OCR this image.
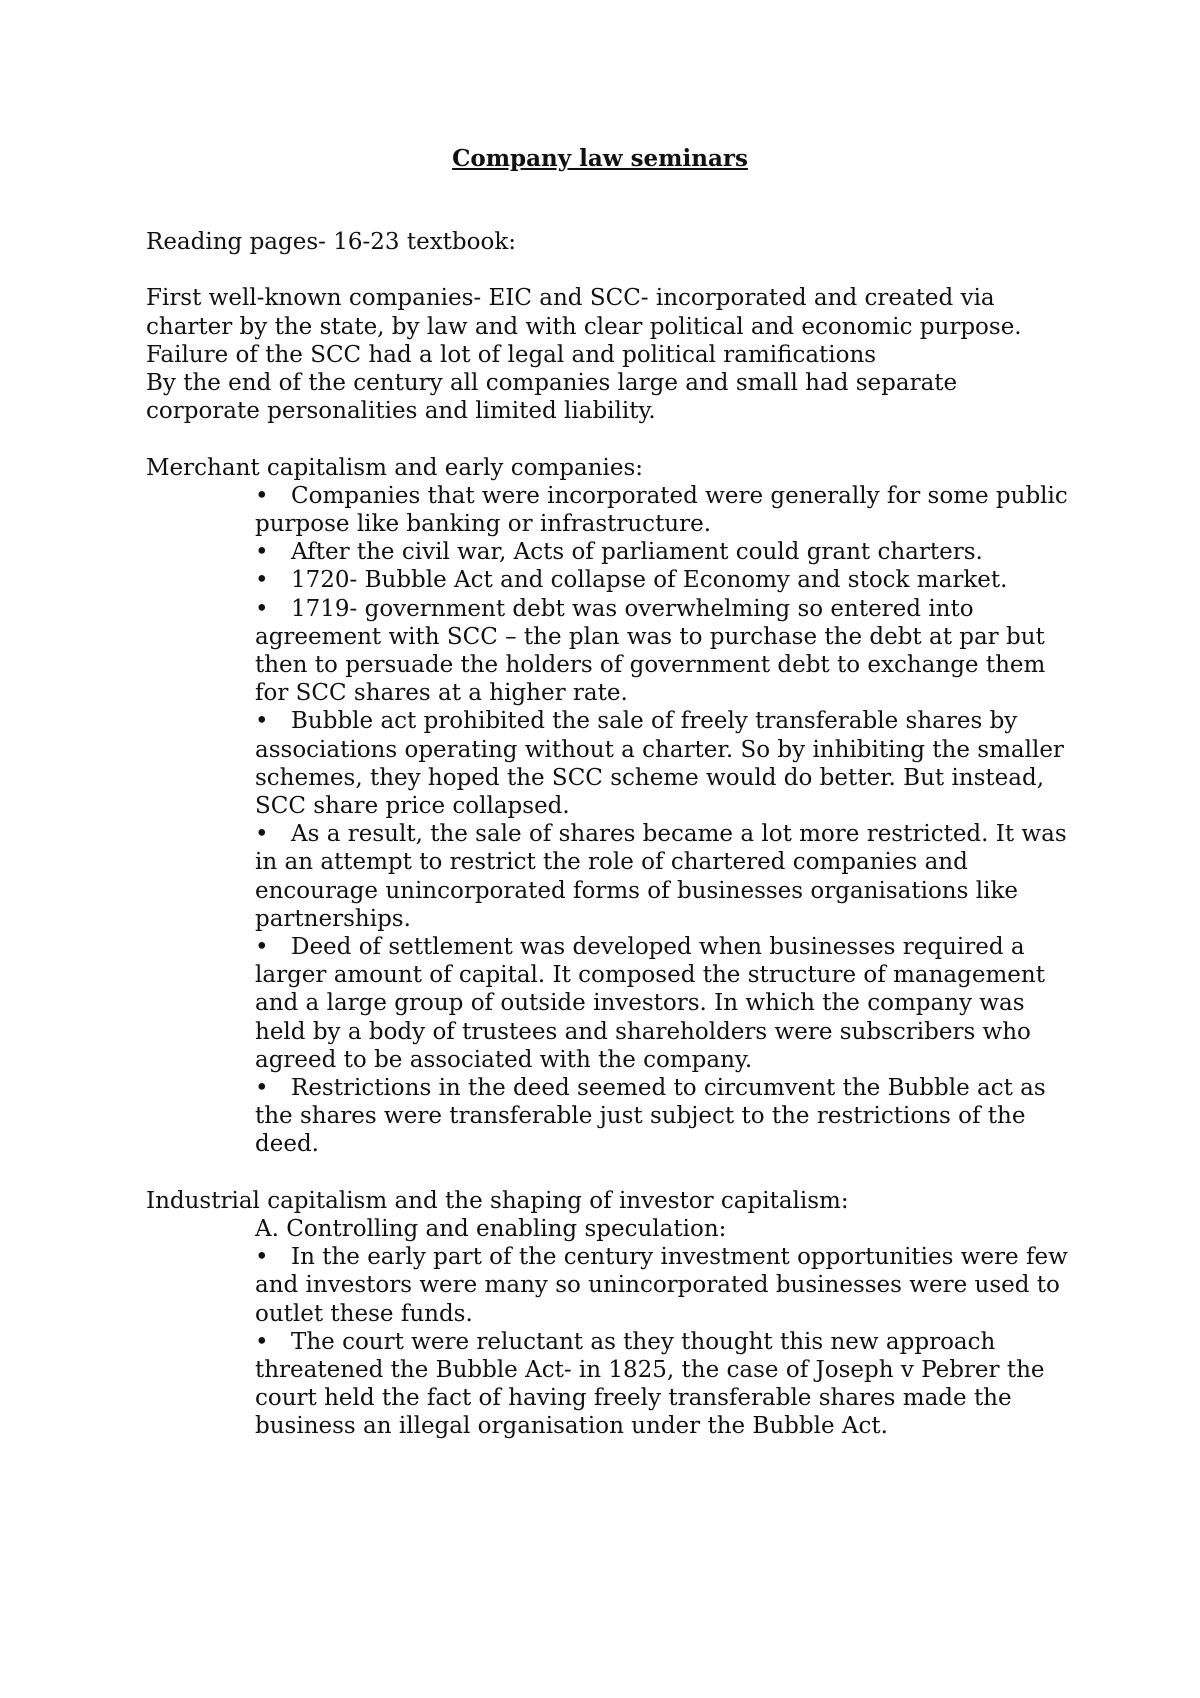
Company law seminars

Reading pages- 16-23 textbook:

First well-known companies- EIC and SCC- incorporated and created via charter by the state, by law and with clear political and economic purpose.

Failure of the SCC had a lot of legal and political ramifications

By the end of the century all companies large and small had separate corporate personalities and limited liability.

Merchant capitalism and early companies:

• Companies that were incorporated were generally for some public purpose like banking or infrastructure.

• After the civil war, Acts of parliament could grant charters.

• 1720- Bubble Act and collapse of Economy and stock market.

• 1719- government debt was overwhelming so entered into agreement with SCC – the plan was to purchase the debt at par but then to persuade the holders of government debt to exchange them for SCC shares at a higher rate.

• Bubble act prohibited the sale of freely transferable shares by associations operating without a charter. So by inhibiting the smaller schemes, they hoped the SCC scheme would do better. But instead, SCC share price collapsed.

• As a result, the sale of shares became a lot more restricted. It was in an attempt to restrict the role of chartered companies and encourage unincorporated forms of businesses organisations like partnerships.

• Deed of settlement was developed when businesses required a larger amount of capital. It composed the structure of management and a large group of outside investors. In which the company was held by a body of trustees and shareholders were subscribers who agreed to be associated with the company.

• Restrictions in the deed seemed to circumvent the Bubble act as the shares were transferable just subject to the restrictions of the deed.

Industrial capitalism and the shaping of investor capitalism:

A. Controlling and enabling speculation:

• In the early part of the century investment opportunities were few and investors were many so unincorporated businesses were used to outlet these funds.

• The court were reluctant as they thought this new approach threatened the Bubble Act- in 1825, the case of Joseph v Pebrer the court held the fact of having freely transferable shares made the business an illegal organisation under the Bubble Act.
